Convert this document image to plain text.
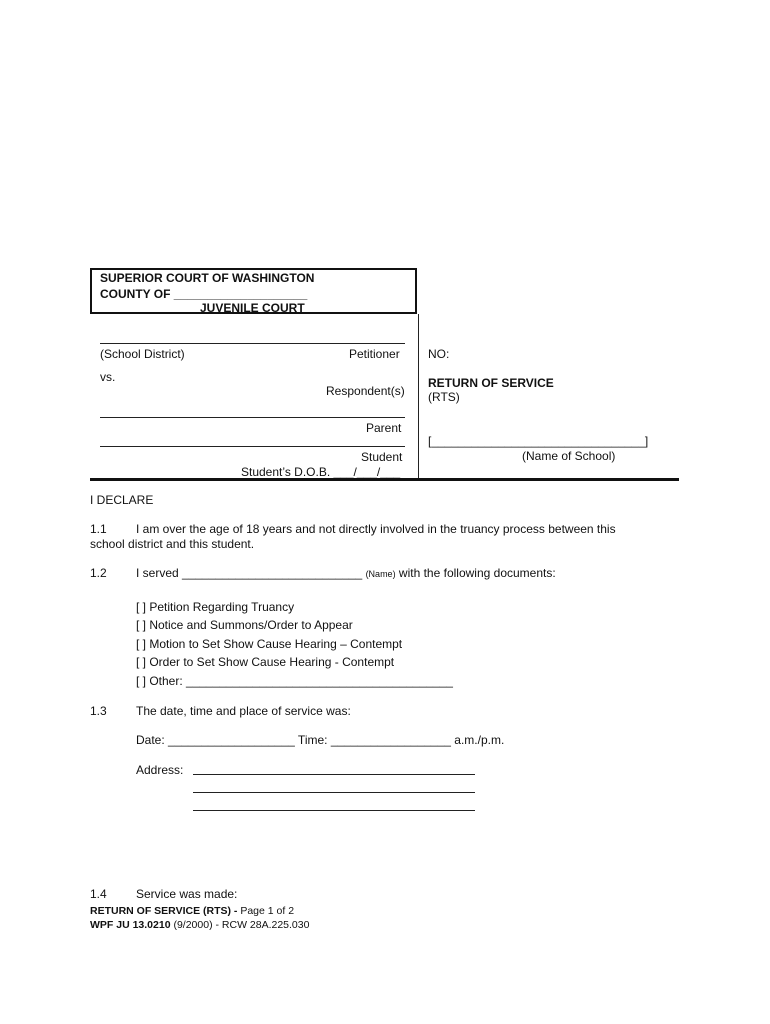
SUPERIOR COURT OF WASHINGTON
COUNTY OF ____________________
JUVENILE COURT
(School District)	Petitioner
vs.
Respondent(s)
Parent
Student
Student’s D.O.B. ___/___/___
NO:
RETURN OF SERVICE
(RTS)
[________________________________]
(Name of School)
I DECLARE
1.1 I am over the age of 18 years and not directly involved in the truancy process between this
school district and this student.
1.2 I served ___________________________ (Name) with the following documents:
[ ] Petition Regarding Truancy
[ ] Notice and Summons/Order to Appear
[ ] Motion to Set Show Cause Hearing – Contempt
[ ] Order to Set Show Cause Hearing - Contempt
[ ] Other: ________________________________________
1.3 The date, time and place of service was:
Date: ___________________ Time: __________________ a.m./p.m.
Address:
1.4 Service was made:
RETURN OF SERVICE (RTS) - Page 1 of 2
WPF JU 13.0210 (9/2000) - RCW 28A.225.030
